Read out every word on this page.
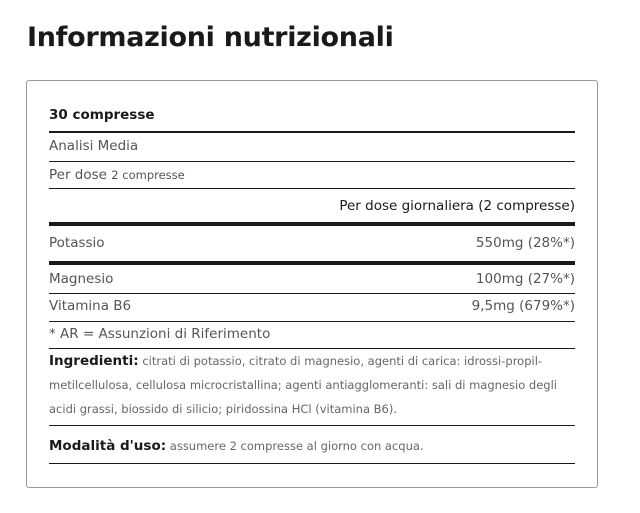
Informazioni nutrizionali
30 compresse
Analisi Media
Per dose 2 compresse
Per dose giornaliera (2 compresse)
Potassio	550mg (28%*)
Magnesio	100mg (27%*)
Vitamina B6	9,5mg (679%*)
* AR = Assunzioni di Riferimento
Ingredienti: citrati di potassio, citrato di magnesio, agenti di carica: idrossi-propil-metilcellulosa, cellulosa microcristallina; agenti antiagglomeranti: sali di magnesio degli acidi grassi, biossido di silicio; piridossina HCl (vitamina B6).
Modalità d'uso: assumere 2 compresse al giorno con acqua.
